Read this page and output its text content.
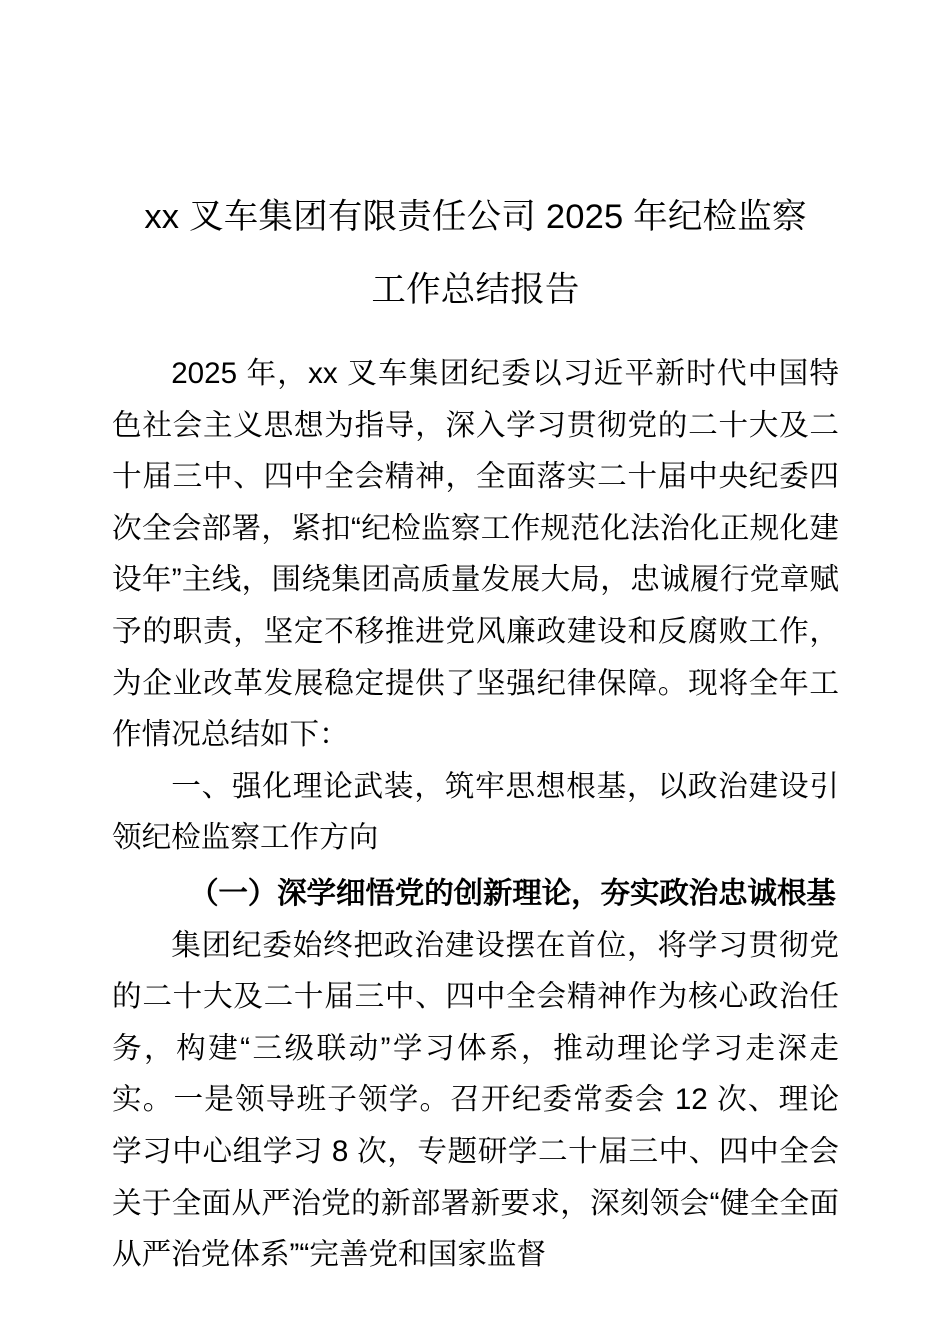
xx 叉车集团有限责任公司 2025 年纪检监察
工作总结报告

2025 年，xx 叉车集团纪委以习近平新时代中国特色社会主义思想为指导，深入学习贯彻党的二十大及二十届三中、四中全会精神，全面落实二十届中央纪委四次全会部署，紧扣“纪检监察工作规范化法治化正规化建设年”主线，围绕集团高质量发展大局，忠诚履行党章赋予的职责，坚定不移推进党风廉政建设和反腐败工作，为企业改革发展稳定提供了坚强纪律保障。现将全年工作情况总结如下：

一、强化理论武装，筑牢思想根基，以政治建设引领纪检监察工作方向

（一）深学细悟党的创新理论，夯实政治忠诚根基

集团纪委始终把政治建设摆在首位，将学习贯彻党的二十大及二十届三中、四中全会精神作为核心政治任务，构建“三级联动”学习体系，推动理论学习走深走实。一是领导班子领学。召开纪委常委会 12 次、理论学习中心组学习 8 次，专题研学二十届三中、四中全会关于全面从严治党的新部署新要求，深刻领会“健全全面从严治党体系”“完善党和国家监督
